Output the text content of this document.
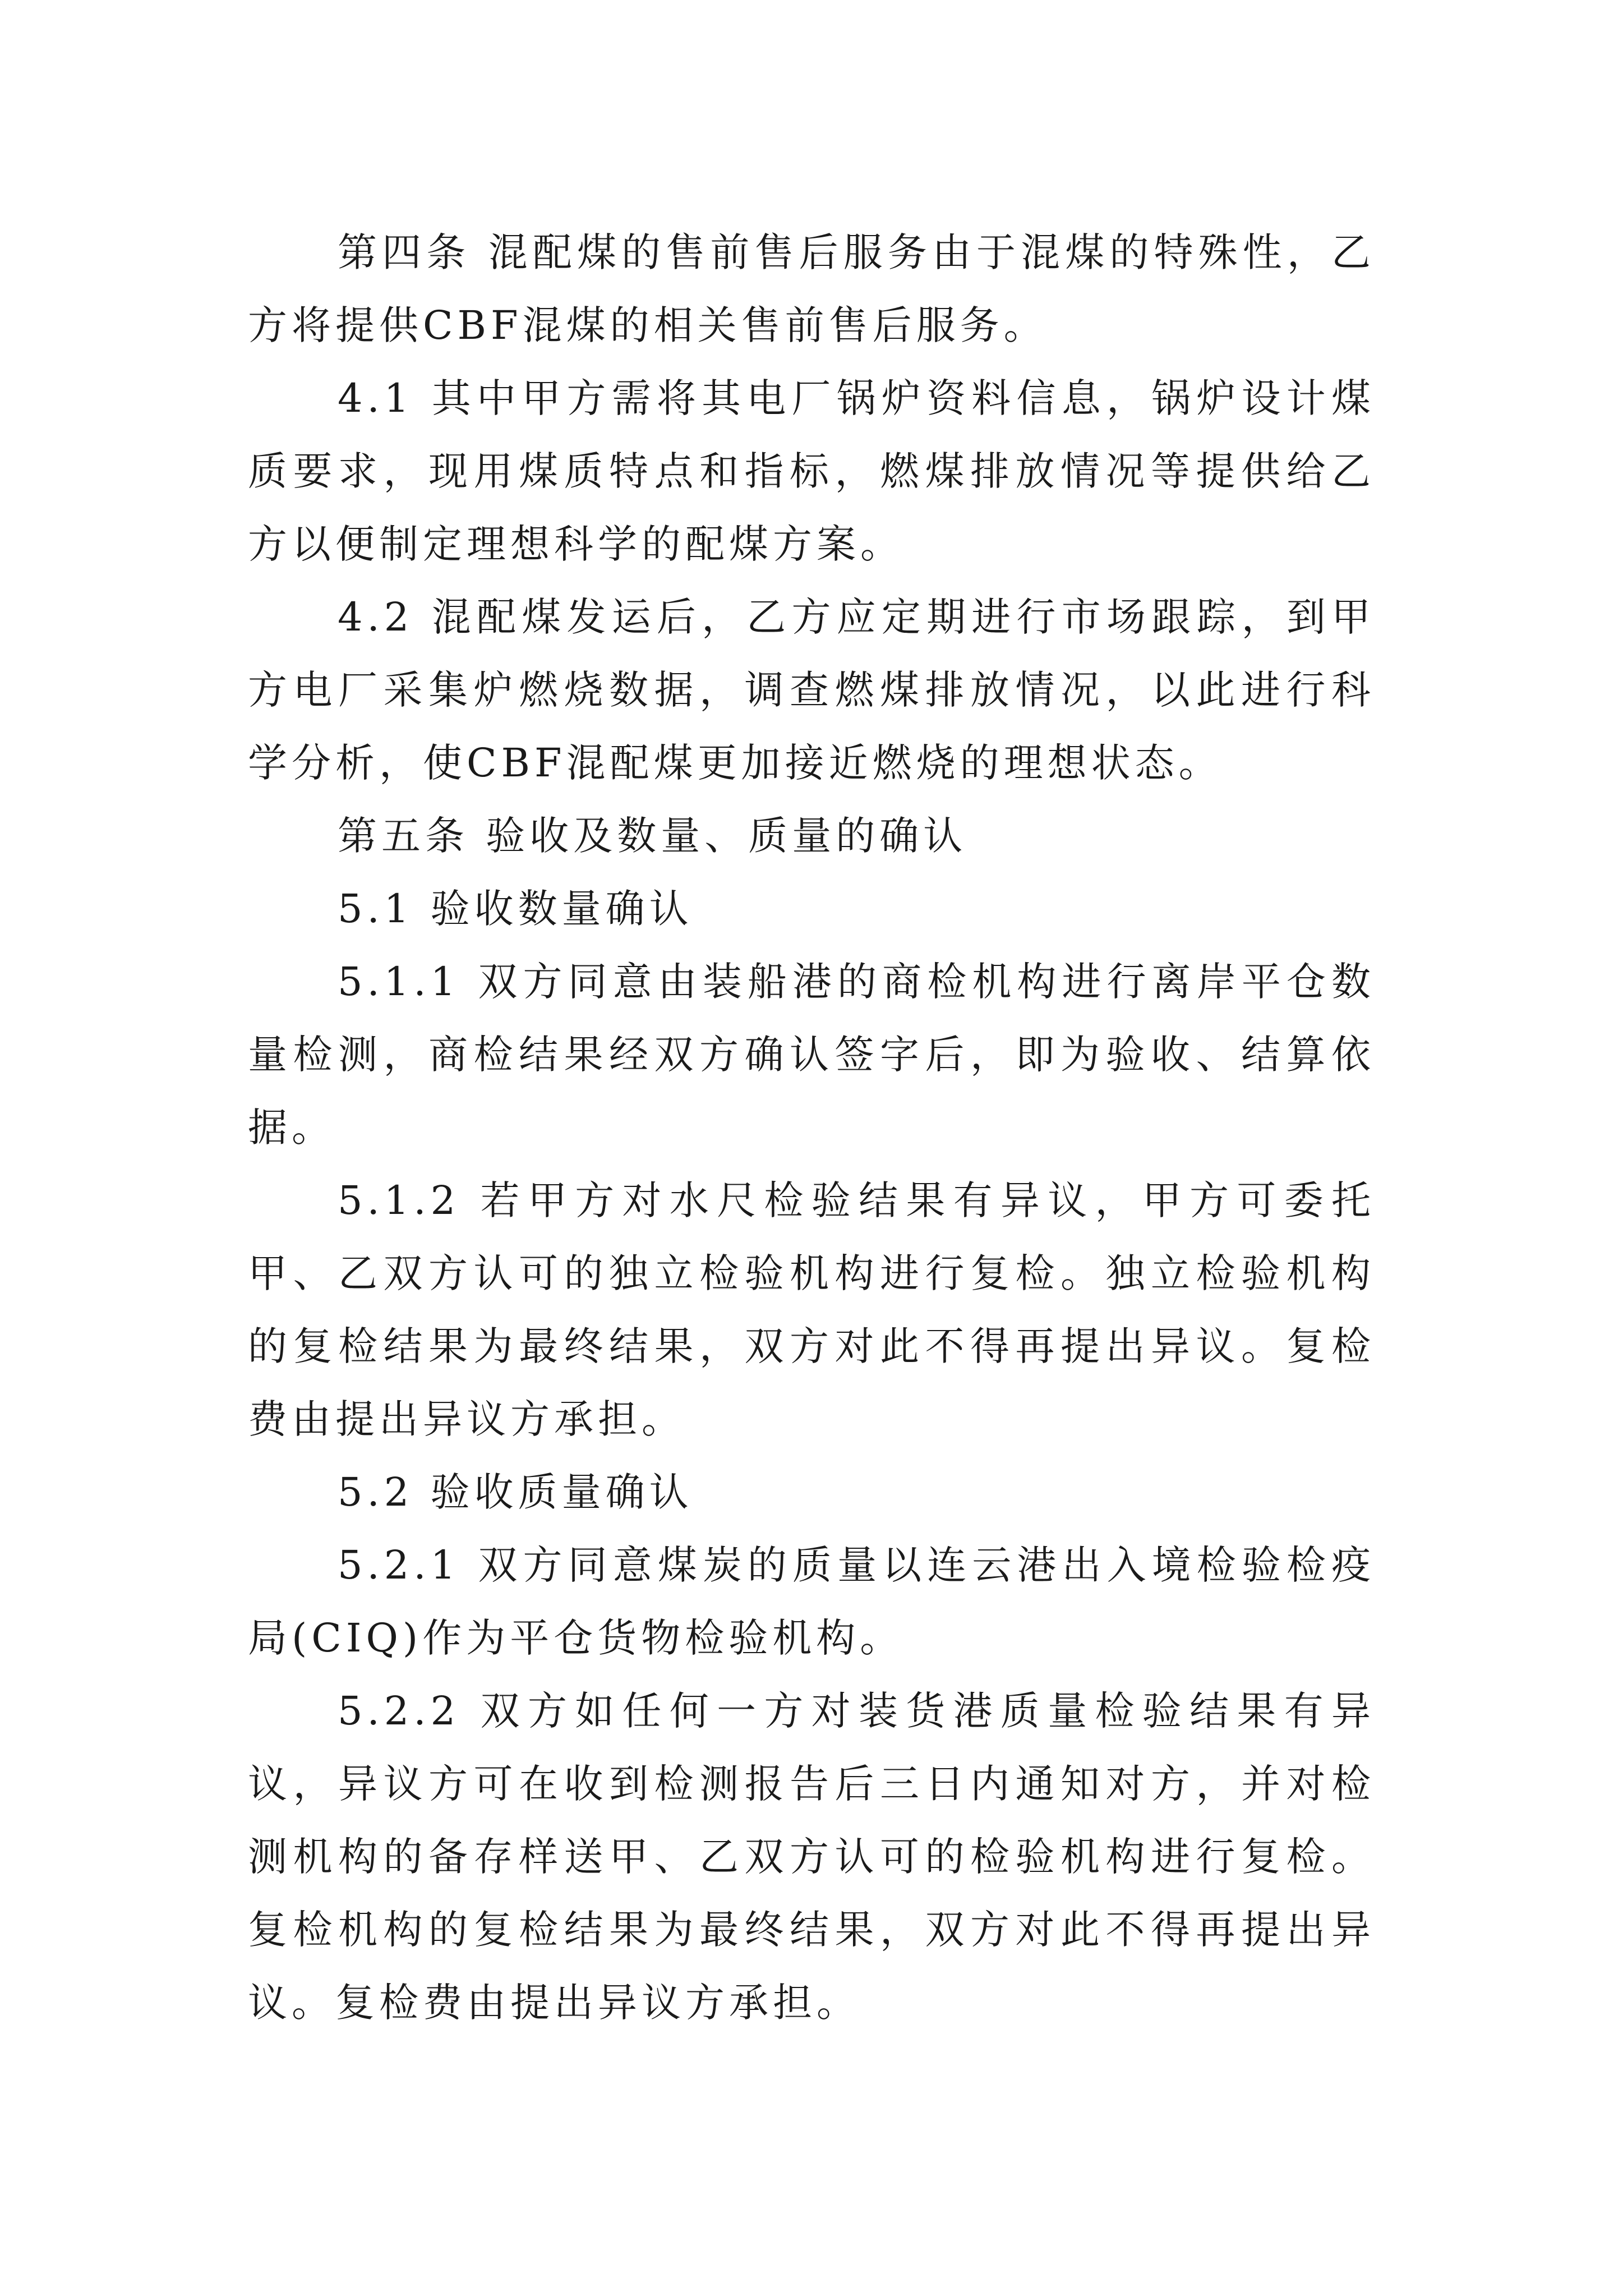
第四条 混配煤的售前售后服务由于混煤的特殊性，乙方将提供CBF混煤的相关售前售后服务。

4.1 其中甲方需将其电厂锅炉资料信息，锅炉设计煤质要求，现用煤质特点和指标，燃煤排放情况等提供给乙方以便制定理想科学的配煤方案。

4.2 混配煤发运后，乙方应定期进行市场跟踪，到甲方电厂采集炉燃烧数据，调查燃煤排放情况，以此进行科学分析，使CBF混配煤更加接近燃烧的理想状态。

第五条 验收及数量、质量的确认

5.1 验收数量确认

5.1.1 双方同意由装船港的商检机构进行离岸平仓数量检测，商检结果经双方确认签字后，即为验收、结算依据。

5.1.2 若甲方对水尺检验结果有异议，甲方可委托甲、乙双方认可的独立检验机构进行复检。独立检验机构的复检结果为最终结果，双方对此不得再提出异议。复检费由提出异议方承担。

5.2 验收质量确认

5.2.1 双方同意煤炭的质量以连云港出入境检验检疫局(CIQ)作为平仓货物检验机构。

5.2.2 双方如任何一方对装货港质量检验结果有异议，异议方可在收到检测报告后三日内通知对方，并对检测机构的备存样送甲、乙双方认可的检验机构进行复检。复检机构的复检结果为最终结果，双方对此不得再提出异议。复检费由提出异议方承担。
